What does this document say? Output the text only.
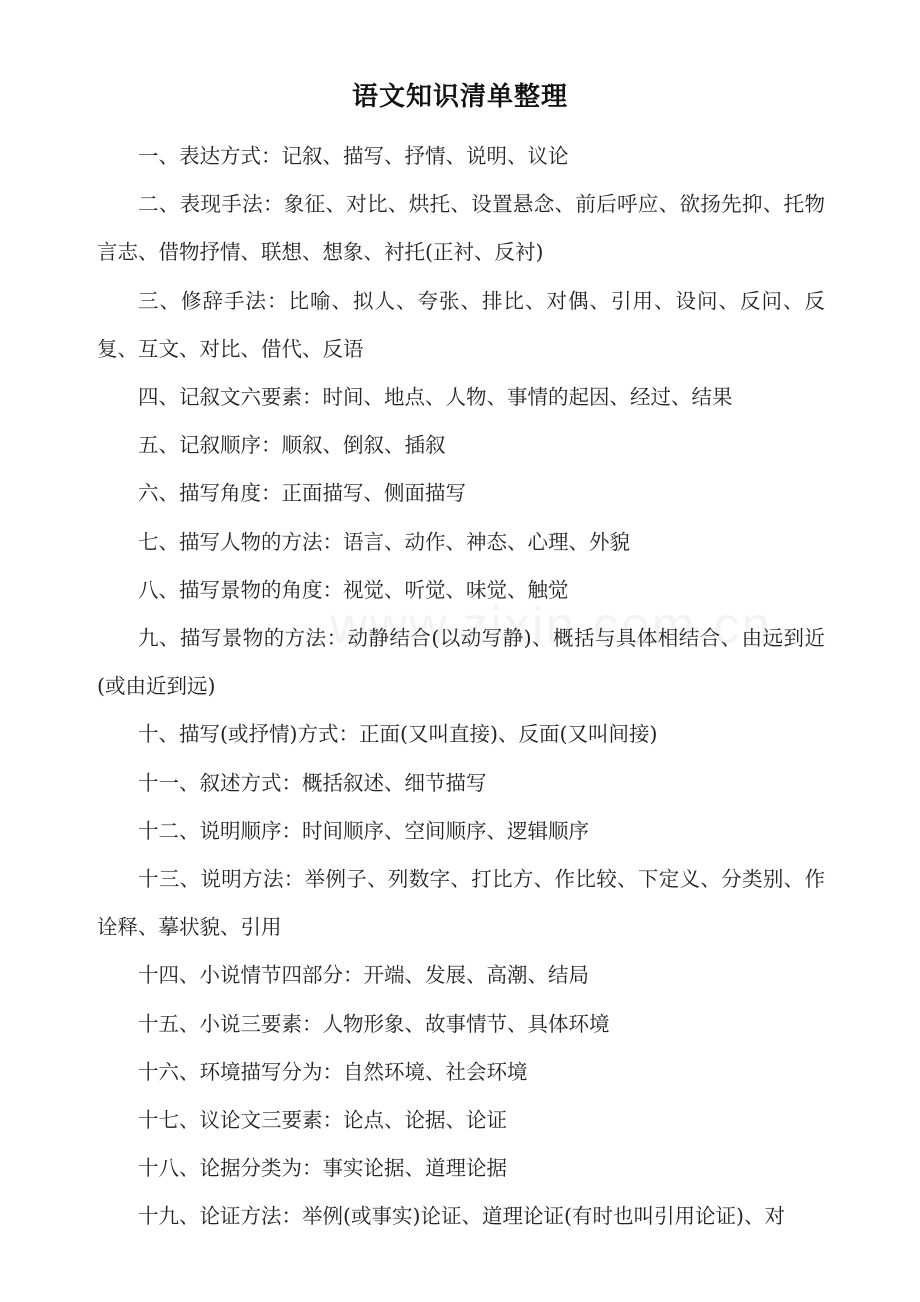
语文知识清单整理

一、表达方式：记叙、描写、抒情、说明、议论

二、表现手法：象征、对比、烘托、设置悬念、前后呼应、欲扬先抑、托物言志、借物抒情、联想、想象、衬托(正衬、反衬)

三、修辞手法：比喻、拟人、夸张、排比、对偶、引用、设问、反问、反复、互文、对比、借代、反语

四、记叙文六要素：时间、地点、人物、事情的起因、经过、结果

五、记叙顺序：顺叙、倒叙、插叙

六、描写角度：正面描写、侧面描写

七、描写人物的方法：语言、动作、神态、心理、外貌

八、描写景物的角度：视觉、听觉、味觉、触觉

九、描写景物的方法：动静结合(以动写静)、概括与具体相结合、由远到近(或由近到远)

十、描写(或抒情)方式：正面(又叫直接)、反面(又叫间接)

十一、叙述方式：概括叙述、细节描写

十二、说明顺序：时间顺序、空间顺序、逻辑顺序

十三、说明方法：举例子、列数字、打比方、作比较、下定义、分类别、作诠释、摹状貌、引用

十四、小说情节四部分：开端、发展、高潮、结局

十五、小说三要素：人物形象、故事情节、具体环境

十六、环境描写分为：自然环境、社会环境

十七、议论文三要素：论点、论据、论证

十八、论据分类为：事实论据、道理论据

十九、论证方法：举例(或事实)论证、道理论证(有时也叫引用论证)、对
